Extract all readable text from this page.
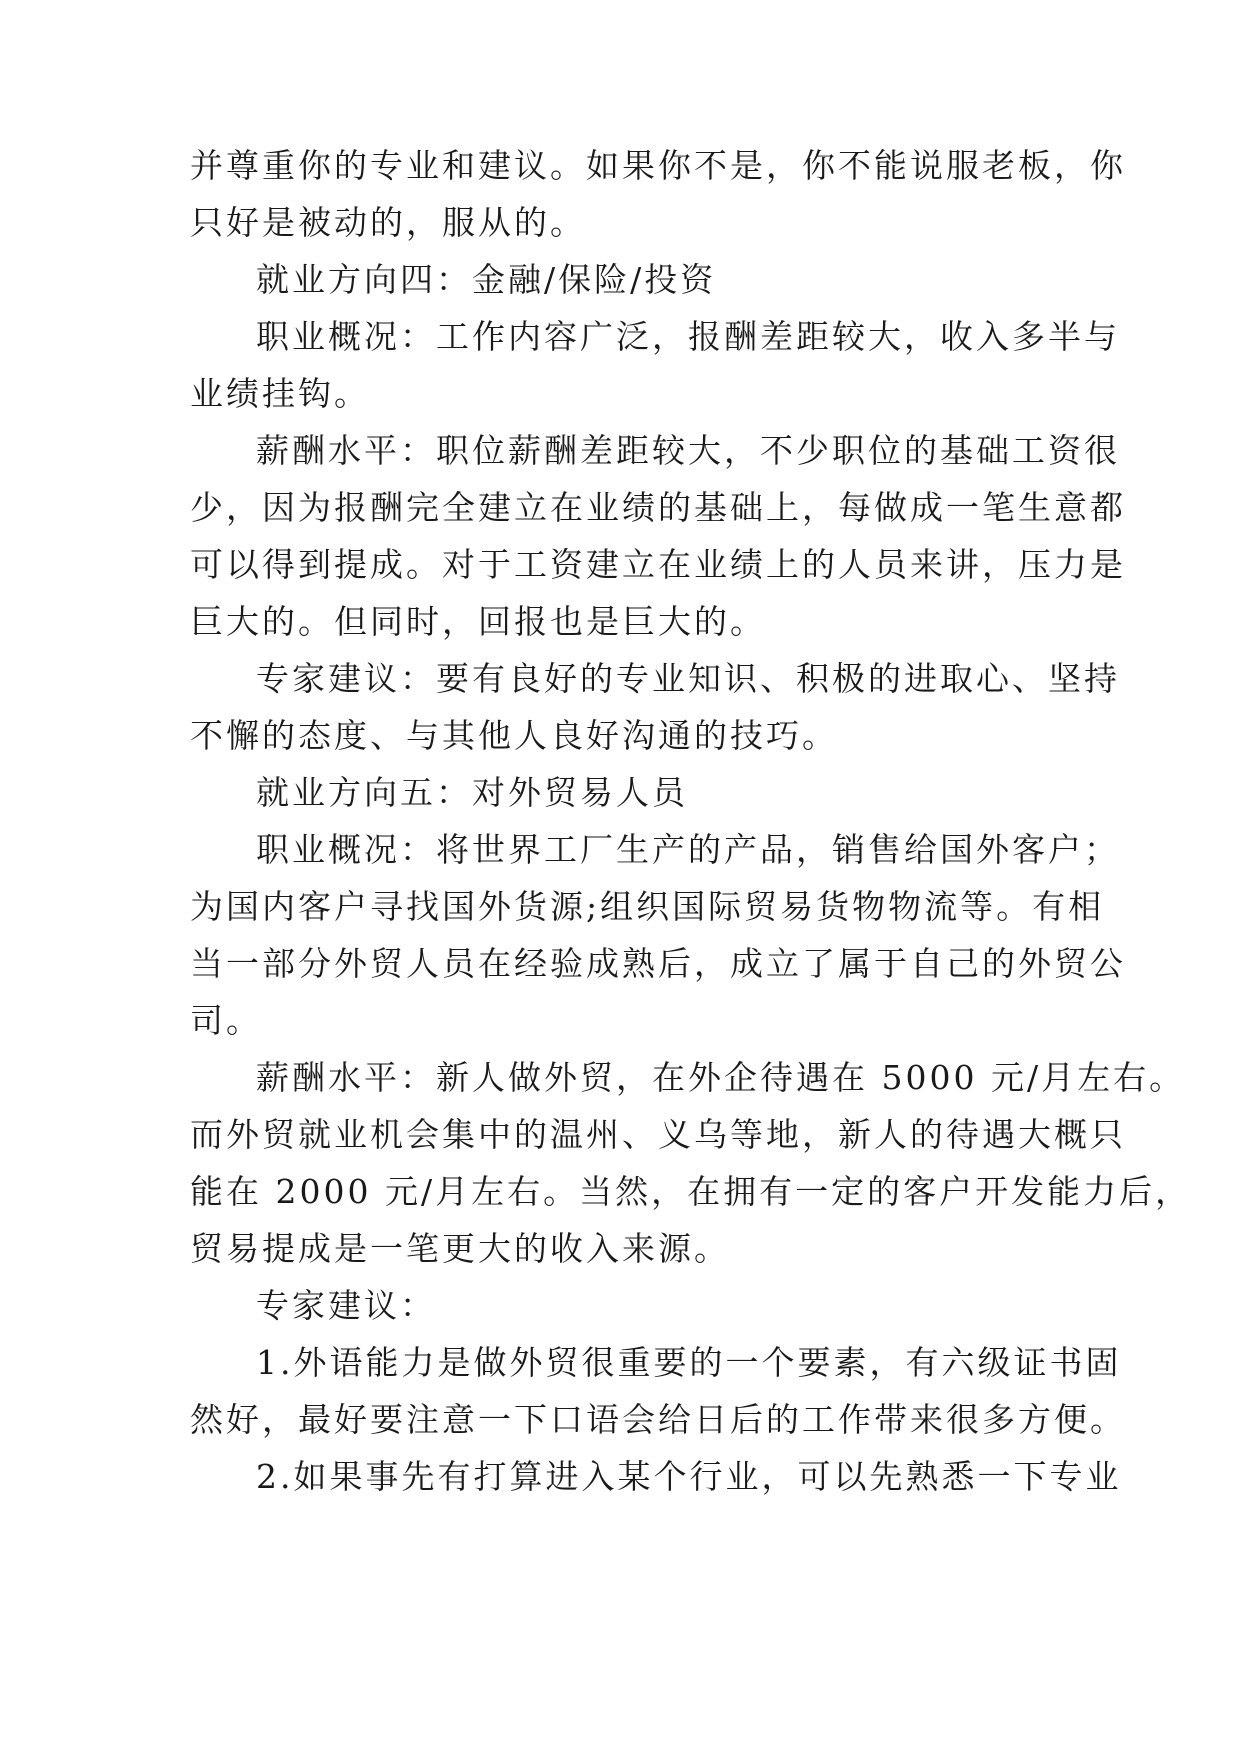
并尊重你的专业和建议。如果你不是，你不能说服老板，你
只好是被动的，服从的。
就业方向四：金融/保险/投资
职业概况：工作内容广泛，报酬差距较大，收入多半与
业绩挂钩。
薪酬水平：职位薪酬差距较大，不少职位的基础工资很
少，因为报酬完全建立在业绩的基础上，每做成一笔生意都
可以得到提成。对于工资建立在业绩上的人员来讲，压力是
巨大的。但同时，回报也是巨大的。
专家建议：要有良好的专业知识、积极的进取心、坚持
不懈的态度、与其他人良好沟通的技巧。
就业方向五：对外贸易人员
职业概况：将世界工厂生产的产品，销售给国外客户；
为国内客户寻找国外货源;组织国际贸易货物物流等。有相
当一部分外贸人员在经验成熟后，成立了属于自己的外贸公
司。
薪酬水平：新人做外贸，在外企待遇在 5000 元/月左右。
而外贸就业机会集中的温州、义乌等地，新人的待遇大概只
能在 2000 元/月左右。当然，在拥有一定的客户开发能力后，
贸易提成是一笔更大的收入来源。
专家建议：
1.外语能力是做外贸很重要的一个要素，有六级证书固
然好，最好要注意一下口语会给日后的工作带来很多方便。
2.如果事先有打算进入某个行业，可以先熟悉一下专业
